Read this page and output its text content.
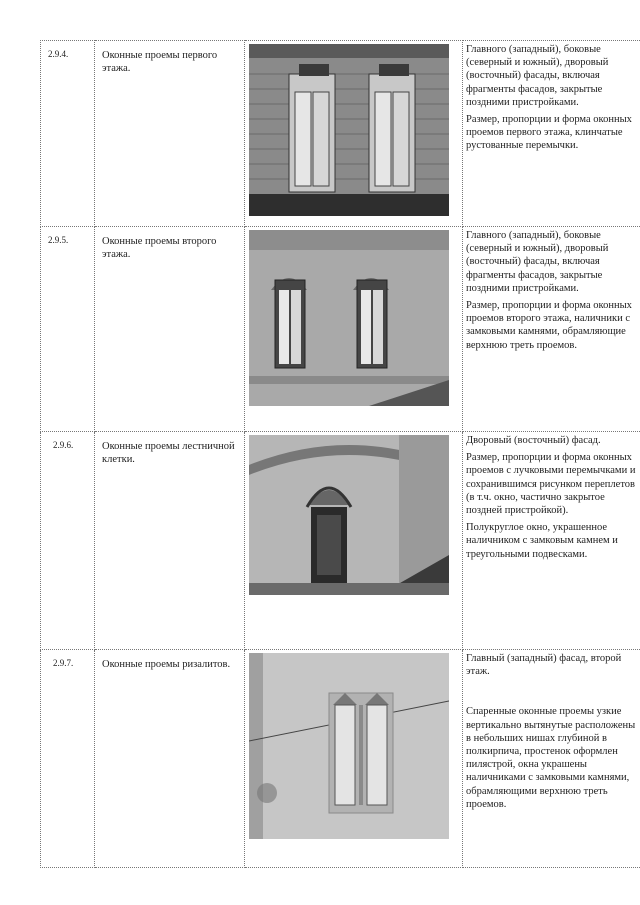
2.9.4.	Оконные проемы первого этажа.		Главного (западный), боковые (северный и южный), дворовый (восточный) фасады, включая фрагменты фасадов, закрытые поздними пристройками.

Размер, пропорции и форма оконных проемов первого этажа, клинчатые рустованные перемычки.

2.9.5.	Оконные проемы второго этажа.		Главного (западный), боковые (северный и южный), дворовый (восточный) фасады, включая фрагменты фасадов, закрытые поздними пристройками.

Размер, пропорции и форма оконных проемов второго этажа, наличники с замковыми камнями, обрамляющие верхнюю треть проемов.

2.9.6.	Оконные проемы лестничной клетки.		Дворовый (восточный) фасад.

Размер, пропорции и форма оконных проемов с лучковыми перемычками и сохранившимся рисунком переплетов (в т.ч. окно, частично закрытое поздней пристройкой).

Полукруглое окно, украшенное наличником с замковым камнем и треугольными подвесками.

2.9.7.	Оконные проемы ризалитов.		Главный (западный) фасад, второй этаж.

Спаренные оконные проемы узкие вертикально вытянутые расположены в небольших нишах глубиной в полкирпича, простенок оформлен пилястрой, окна украшены наличниками с замковыми камнями, обрамляющими верхнюю треть проемов.
